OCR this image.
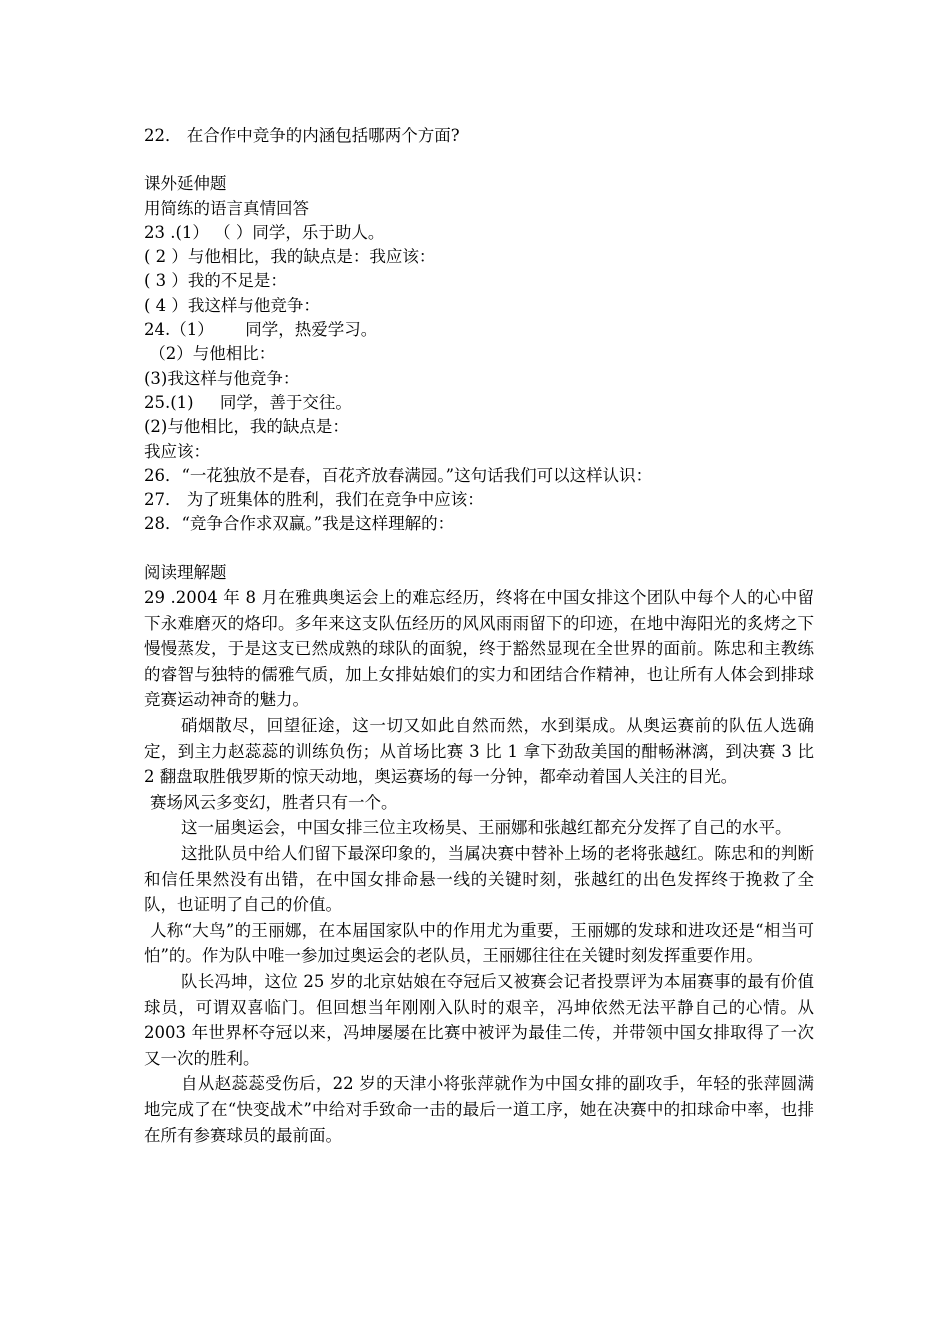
22． 在合作中竞争的内涵包括哪两个方面?
课外延伸题
用简练的语言真情回答
23 .(1） （ ）同学，乐于助人。
( 2 ）与他相比，我的缺点是：我应该：
( 3 ）我的不足是：
( 4 ）我这样与他竞争：
24.（1）      同学，热爱学习。
（2）与他相比：
(3)我这样与他竞争：
25.(1)     同学，善于交往。
(2)与他相比，我的缺点是：
我应该：
26．“一花独放不是春，百花齐放春满园。”这句话我们可以这样认识：
27． 为了班集体的胜利，我们在竞争中应该：
28．“竞争合作求双赢。”我是这样理解的：
阅读理解题

29 .2004 年 8 月在雅典奥运会上的难忘经历，终将在中国女排这个团队中每个人的心中留下永难磨灭的烙印。多年来这支队伍经历的风风雨雨留下的印迹，在地中海阳光的炙烤之下慢慢蒸发，于是这支已然成熟的球队的面貌，终于豁然显现在全世界的面前。陈忠和主教练的睿智与独特的儒雅气质，加上女排姑娘们的实力和团结合作精神，也让所有人体会到排球竞赛运动神奇的魅力。

硝烟散尽，回望征途，这一切又如此自然而然，水到渠成。从奥运赛前的队伍人选确定，到主力赵蕊蕊的训练负伤；从首场比赛 3 比 1 拿下劲敌美国的酣畅淋漓，到决赛 3 比 2 翻盘取胜俄罗斯的惊天动地，奥运赛场的每一分钟，都牵动着国人关注的目光。

赛场风云多变幻，胜者只有一个。

这一届奥运会，中国女排三位主攻杨昊、王丽娜和张越红都充分发挥了自己的水平。

这批队员中给人们留下最深印象的，当属决赛中替补上场的老将张越红。陈忠和的判断和信任果然没有出错，在中国女排命悬一线的关键时刻，张越红的出色发挥终于挽救了全队，也证明了自己的价值。

人称“大鸟”的王丽娜，在本届国家队中的作用尤为重要，王丽娜的发球和进攻还是“相当可怕”的。作为队中唯一参加过奥运会的老队员，王丽娜往往在关键时刻发挥重要作用。

队长冯坤，这位 25 岁的北京姑娘在夺冠后又被赛会记者投票评为本届赛事的最有价值球员，可谓双喜临门。但回想当年刚刚入队时的艰辛，冯坤依然无法平静自己的心情。从 2003 年世界杯夺冠以来，冯坤屡屡在比赛中被评为最佳二传，并带领中国女排取得了一次又一次的胜利。

自从赵蕊蕊受伤后，22 岁的天津小将张萍就作为中国女排的副攻手，年轻的张萍圆满地完成了在“快变战术”中给对手致命一击的最后一道工序，她在决赛中的扣球命中率，也排在所有参赛球员的最前面。
